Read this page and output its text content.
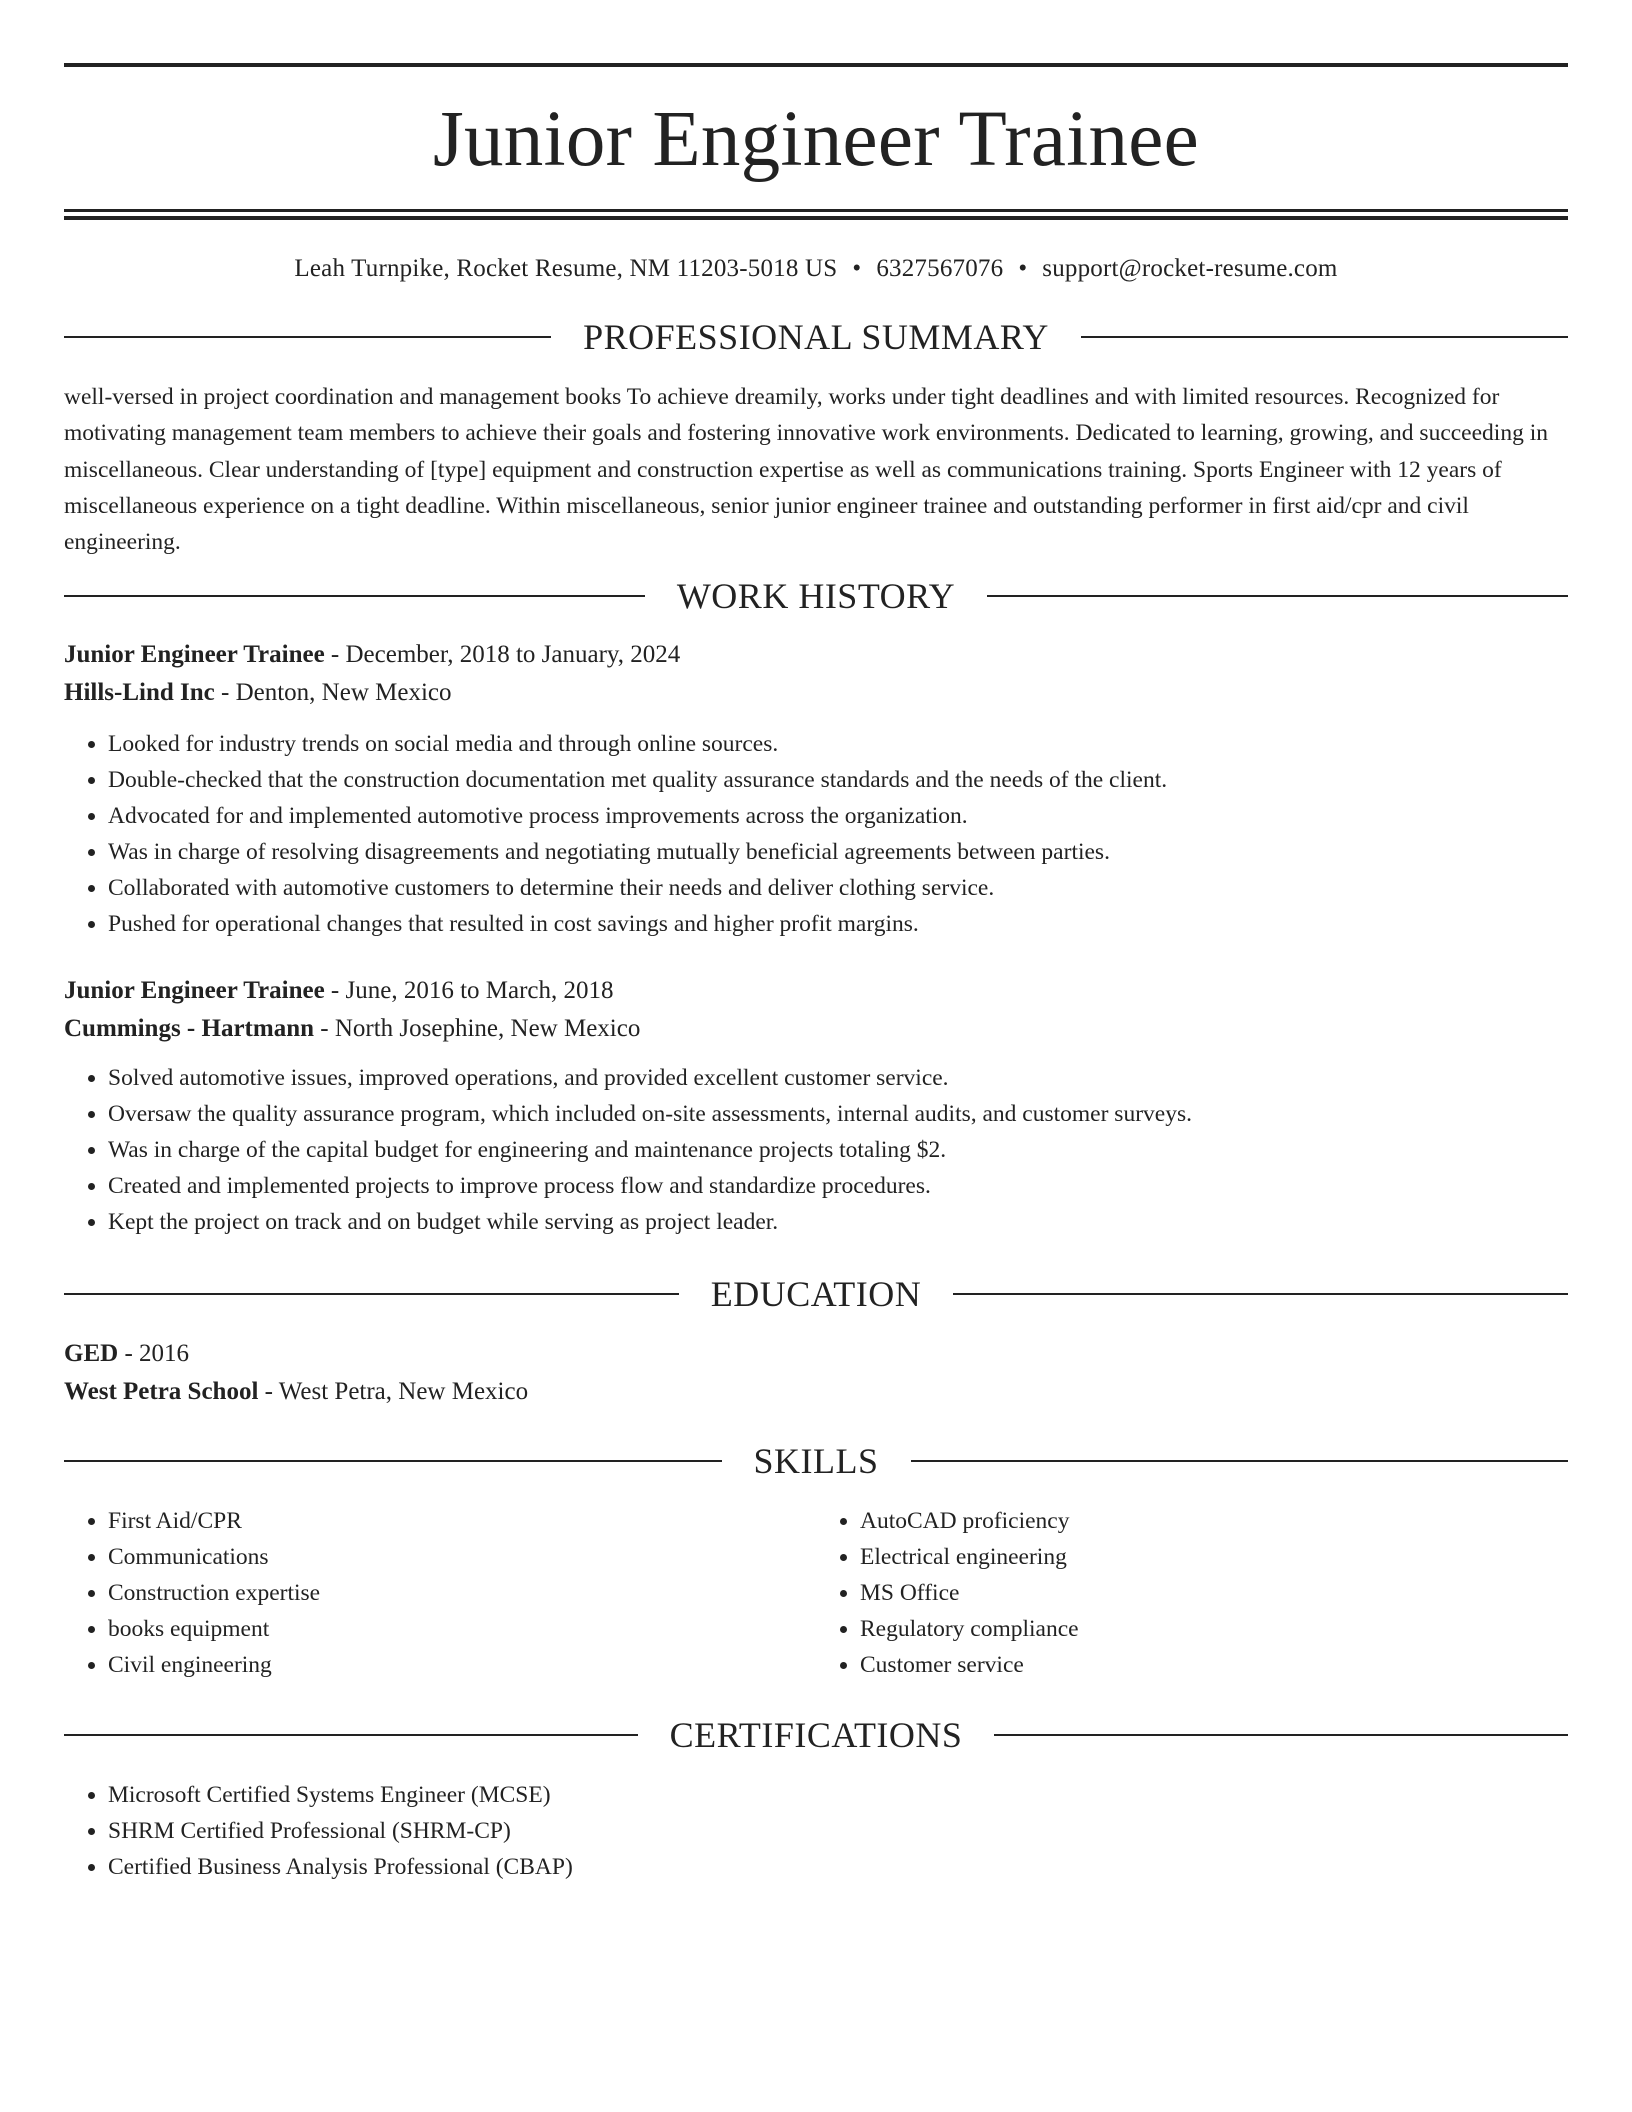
Junior Engineer Trainee
Leah Turnpike, Rocket Resume, NM 11203-5018 US • 6327567076 • support@rocket-resume.com
PROFESSIONAL SUMMARY

well-versed in project coordination and management books To achieve dreamily, works under tight deadlines and with limited resources. Recognized for motivating management team members to achieve their goals and fostering innovative work environments. Dedicated to learning, growing, and succeeding in miscellaneous. Clear understanding of [type] equipment and construction expertise as well as communications training. Sports Engineer with 12 years of miscellaneous experience on a tight deadline. Within miscellaneous, senior junior engineer trainee and outstanding performer in first aid/cpr and civil engineering.

WORK HISTORY

Junior Engineer Trainee - December, 2018 to January, 2024

Hills-Lind Inc - Denton, New Mexico

• Looked for industry trends on social media and through online sources.
• Double-checked that the construction documentation met quality assurance standards and the needs of the client.
• Advocated for and implemented automotive process improvements across the organization.
• Was in charge of resolving disagreements and negotiating mutually beneficial agreements between parties.
• Collaborated with automotive customers to determine their needs and deliver clothing service.
• Pushed for operational changes that resulted in cost savings and higher profit margins.

Junior Engineer Trainee - June, 2016 to March, 2018

Cummings - Hartmann - North Josephine, New Mexico

• Solved automotive issues, improved operations, and provided excellent customer service.
• Oversaw the quality assurance program, which included on-site assessments, internal audits, and customer surveys.
• Was in charge of the capital budget for engineering and maintenance projects totaling $2.
• Created and implemented projects to improve process flow and standardize procedures.
• Kept the project on track and on budget while serving as project leader.
EDUCATION

GED - 2016

West Petra School - West Petra, New Mexico

SKILLS
• First Aid/CPR
• Communications
• Construction expertise
• books equipment
• Civil engineering
• AutoCAD proficiency
• Electrical engineering
• MS Office
• Regulatory compliance
• Customer service
CERTIFICATIONS
• Microsoft Certified Systems Engineer (MCSE)
• SHRM Certified Professional (SHRM-CP)
• Certified Business Analysis Professional (CBAP)
